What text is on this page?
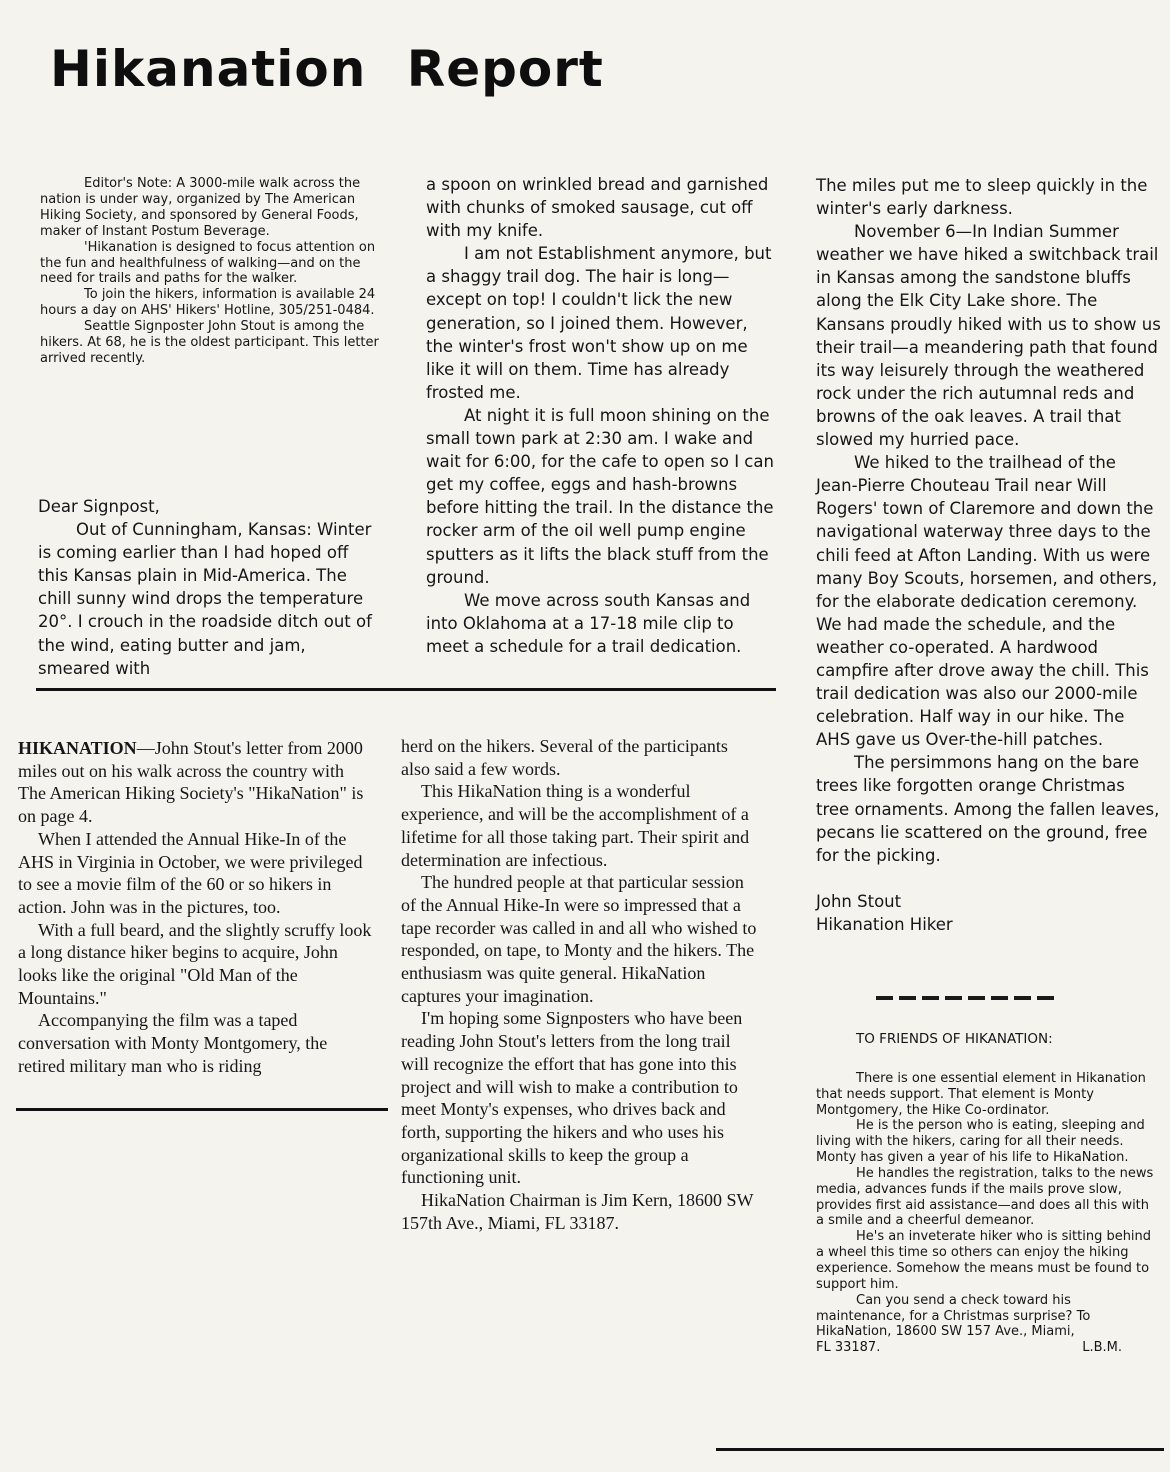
Hikanation Report

Editor's Note: A 3000-mile walk across the nation is under way, organized by The American Hiking Society, and sponsored by General Foods, maker of Instant Postum Beverage.

'Hikanation is designed to focus attention on the fun and healthfulness of walking—and on the need for trails and paths for the walker.

To join the hikers, information is available 24 hours a day on AHS' Hikers' Hotline, 305/251-0484.

Seattle Signposter John Stout is among the hikers. At 68, he is the oldest participant. This letter arrived recently.

Dear Signpost,

Out of Cunningham, Kansas: Winter is coming earlier than I had hoped off this Kansas plain in Mid-America. The chill sunny wind drops the temperature 20°. I crouch in the roadside ditch out of the wind, eating butter and jam, smeared with

a spoon on wrinkled bread and garnished with chunks of smoked sausage, cut off with my knife.

I am not Establishment anymore, but a shaggy trail dog. The hair is long—except on top! I couldn't lick the new generation, so I joined them. However, the winter's frost won't show up on me like it will on them. Time has already frosted me.

At night it is full moon shining on the small town park at 2:30 am. I wake and wait for 6:00, for the cafe to open so I can get my coffee, eggs and hash-browns before hitting the trail. In the distance the rocker arm of the oil well pump engine sputters as it lifts the black stuff from the ground.

We move across south Kansas and into Oklahoma at a 17-18 mile clip to meet a schedule for a trail dedication.

The miles put me to sleep quickly in the winter's early darkness.

November 6—In Indian Summer weather we have hiked a switchback trail in Kansas among the sandstone bluffs along the Elk City Lake shore. The Kansans proudly hiked with us to show us their trail—a meandering path that found its way leisurely through the weathered rock under the rich autumnal reds and browns of the oak leaves. A trail that slowed my hurried pace.

We hiked to the trailhead of the Jean-Pierre Chouteau Trail near Will Rogers' town of Claremore and down the navigational waterway three days to the chili feed at Afton Landing. With us were many Boy Scouts, horsemen, and others, for the elaborate dedication ceremony. We had made the schedule, and the weather co-operated. A hardwood campfire after drove away the chill. This trail dedication was also our 2000-mile celebration. Half way in our hike. The AHS gave us Over-the-hill patches.

The persimmons hang on the bare trees like forgotten orange Christmas tree ornaments. Among the fallen leaves, pecans lie scattered on the ground, free for the picking.

John Stout

Hikanation Hiker

HIKANATION—John Stout's letter from 2000 miles out on his walk across the country with The American Hiking Society's "HikaNation" is on page 4.

When I attended the Annual Hike-In of the AHS in Virginia in October, we were privileged to see a movie film of the 60 or so hikers in action. John was in the pictures, too.

With a full beard, and the slightly scruffy look a long distance hiker begins to acquire, John looks like the original "Old Man of the Mountains."

Accompanying the film was a taped conversation with Monty Montgomery, the retired military man who is riding

herd on the hikers. Several of the participants also said a few words.

This HikaNation thing is a wonderful experience, and will be the accomplishment of a lifetime for all those taking part. Their spirit and determination are infectious.

The hundred people at that particular session of the Annual Hike-In were so impressed that a tape recorder was called in and all who wished to responded, on tape, to Monty and the hikers. The enthusiasm was quite general. HikaNation captures your imagination.

I'm hoping some Signposters who have been reading John Stout's letters from the long trail will recognize the effort that has gone into this project and will wish to make a contribution to meet Monty's expenses, who drives back and forth, supporting the hikers and who uses his organizational skills to keep the group a functioning unit.

HikaNation Chairman is Jim Kern, 18600 SW 157th Ave., Miami, FL 33187.

TO FRIENDS OF HIKANATION:

There is one essential element in Hikanation that needs support. That element is Monty Montgomery, the Hike Co-ordinator.

He is the person who is eating, sleeping and living with the hikers, caring for all their needs. Monty has given a year of his life to HikaNation.

He handles the registration, talks to the news media, advances funds if the mails prove slow, provides first aid assistance—and does all this with a smile and a cheerful demeanor.

He's an inveterate hiker who is sitting behind a wheel this time so others can enjoy the hiking experience. Somehow the means must be found to support him.

Can you send a check toward his maintenance, for a Christmas surprise? To HikaNation, 18600 SW 157 Ave., Miami,

FL 33187.	L.B.M.
